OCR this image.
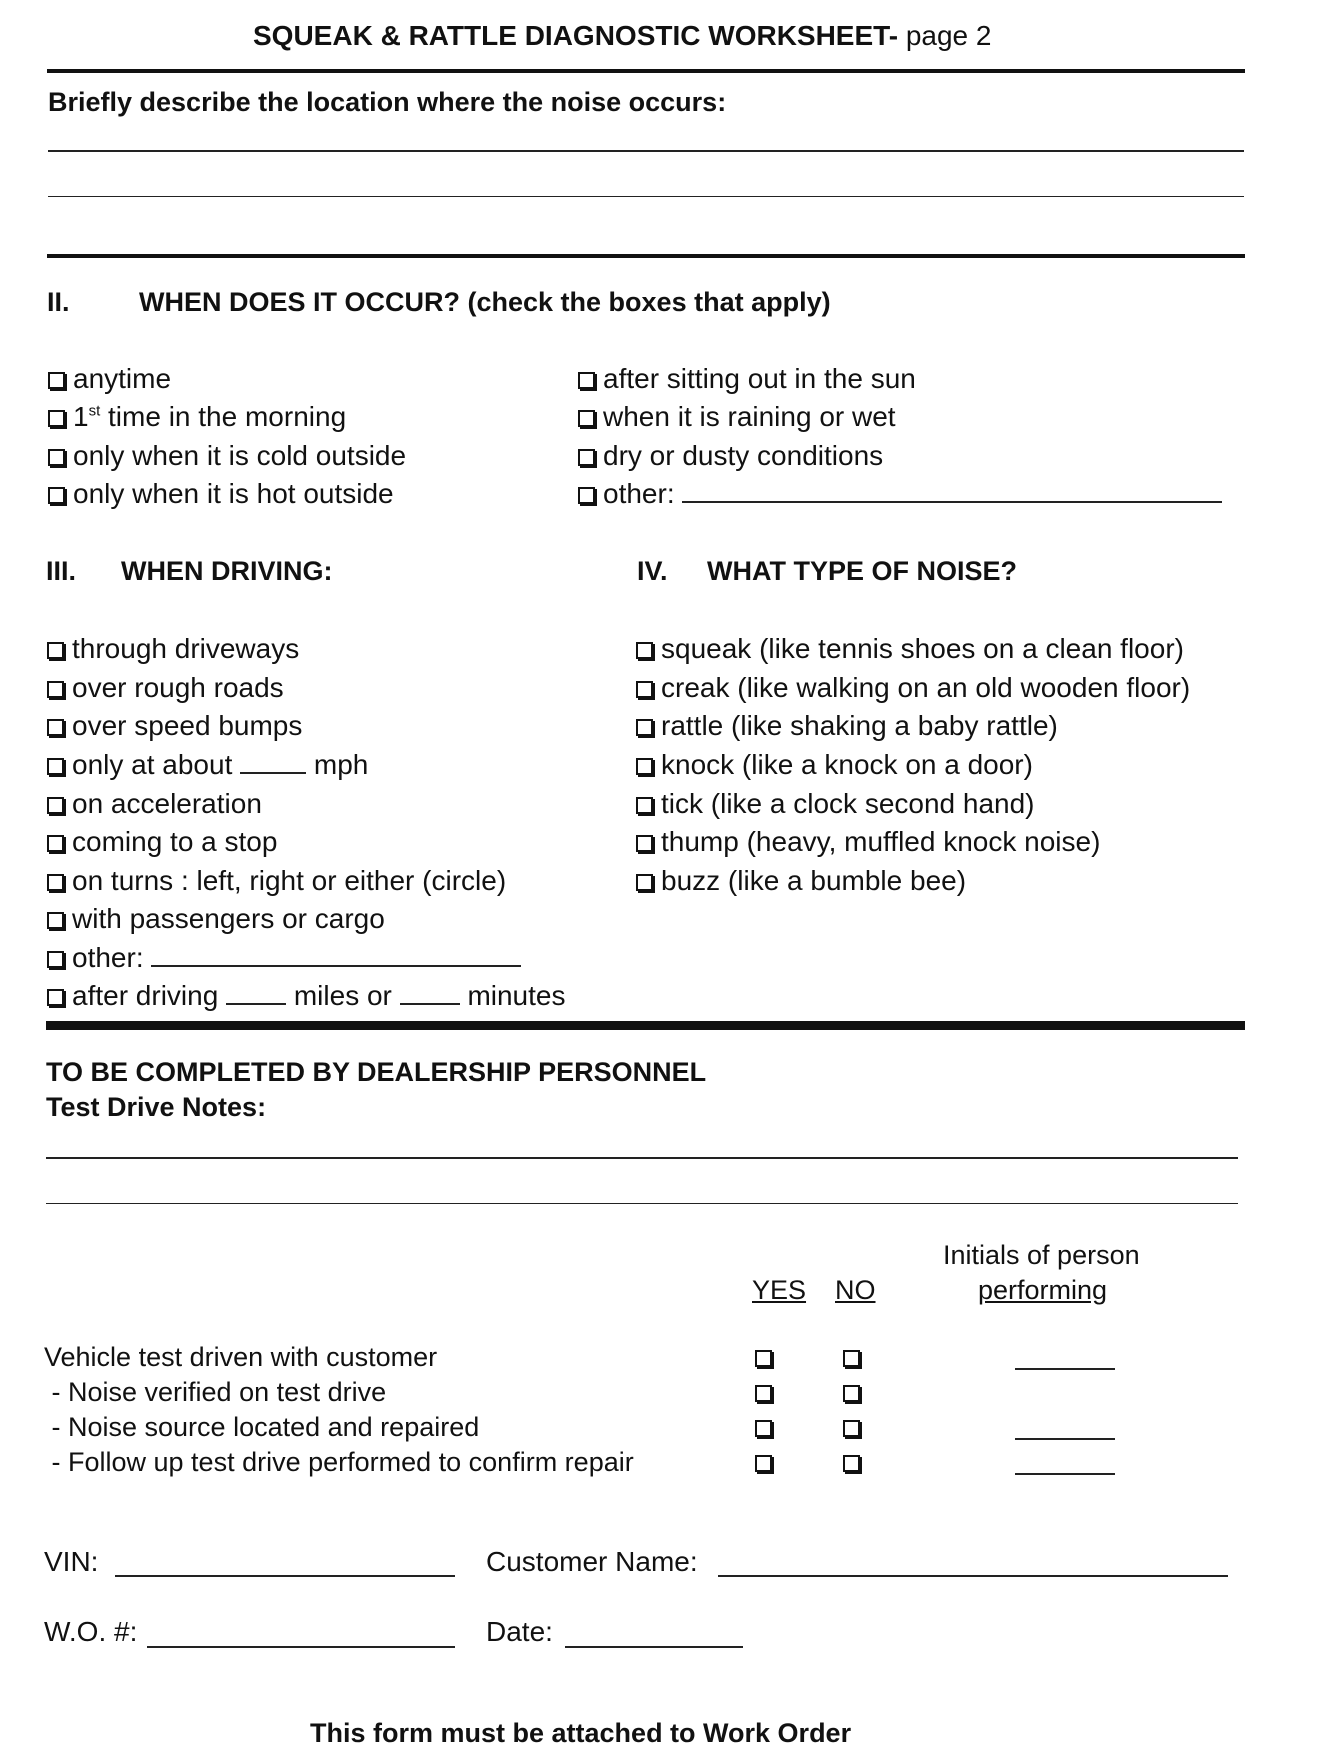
SQUEAK & RATTLE DIAGNOSTIC WORKSHEET- page 2
Briefly describe the location where the noise occurs:
II.	WHEN DOES IT OCCUR? (check the boxes that apply)
anytime
1st time in the morning
only when it is cold outside
only when it is hot outside
after sitting out in the sun
when it is raining or wet
dry or dusty conditions
other:
III. WHEN DRIVING:	IV. WHAT TYPE OF NOISE?
through driveways
over rough roads
over speed bumps
only at about	mph
on acceleration
coming to a stop
on turns : left, right or either (circle)
with passengers or cargo
other:
after driving	miles or	minutes
squeak (like tennis shoes on a clean floor)
creak (like walking on an old wooden floor)
rattle (like shaking a baby rattle)
knock (like a knock on a door)
tick (like a clock second hand)
thump (heavy, muffled knock noise)
buzz (like a bumble bee)
TO BE COMPLETED BY DEALERSHIP PERSONNEL
Test Drive Notes:
Initials of person
YES NO	performing
Vehicle test driven with customer
- Noise verified on test drive
- Noise source located and repaired
- Follow up test drive performed to confirm repair
VIN:	Customer Name:
W.O. #:	Date:
This form must be attached to Work Order
